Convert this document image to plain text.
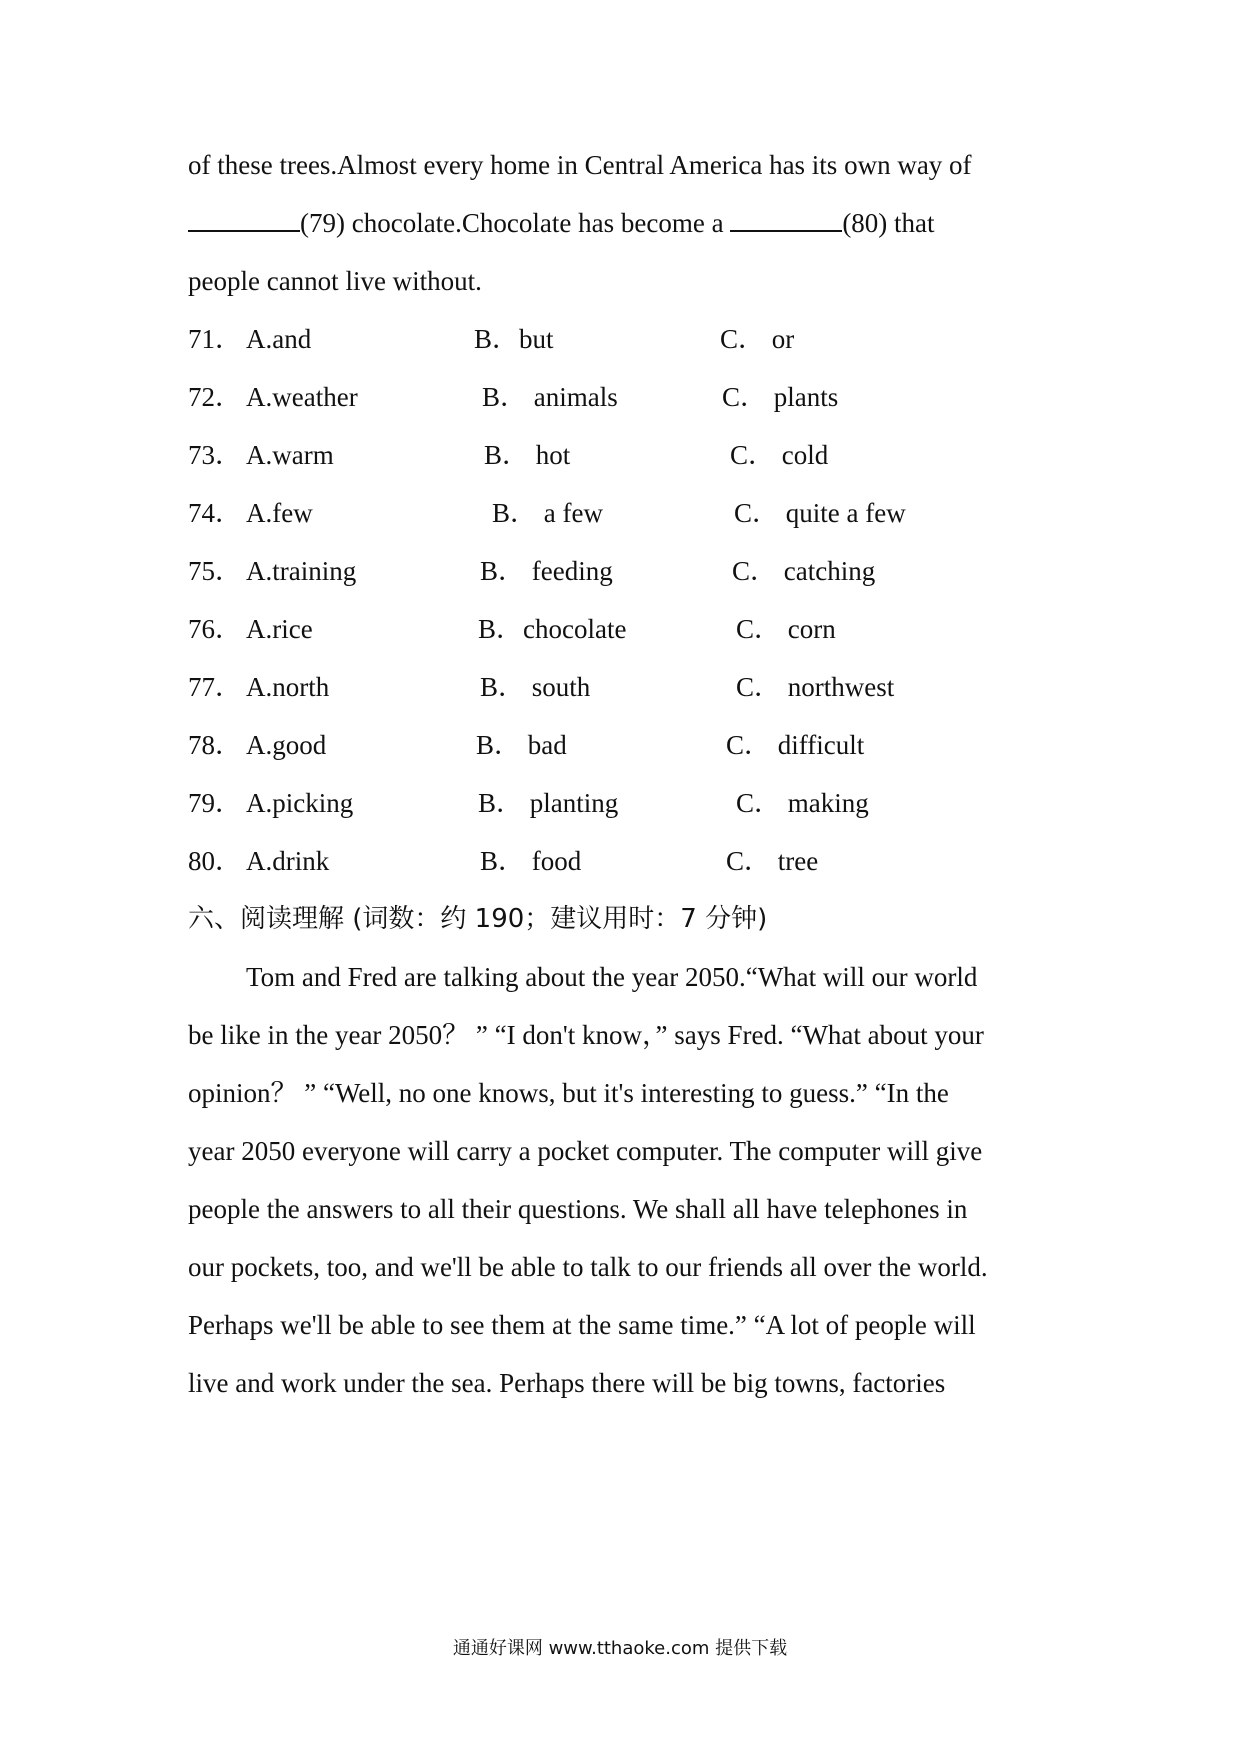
of these trees.Almost every home in Central America has its own way of
(79) chocolate.Chocolate has become a	(80) that
people cannot live without.
71． A.and	B．but	C． or
72． A.weather	B． animals	C． plants
73． A.warm	B． hot	C． cold
74． A.few	B． a few	C． quite a few
75． A.training	B． feeding	C． catching
76． A.rice	B．chocolate	C． corn
77． A.north	B． south	C． northwest
78． A.good	B． bad	C． difficult
79． A.picking	B． planting	C． making
80． A.drink	B． food	C． tree
六、阅读理解 (词数：约 190；建议用时：7 分钟)
Tom and Fred are talking about the year 2050.“What will our world
be like in the year 2050？ ” “I don't know，” says Fred. “What about your
opinion？ ” “Well, no one knows, but it's interesting to guess.” “In the
year 2050 everyone will carry a pocket computer. The computer will give
people the answers to all their questions. We shall all have telephones in
our pockets, too, and we'll be able to talk to our friends all over the world.
Perhaps we'll be able to see them at the same time.” “A lot of people will
live and work under the sea. Perhaps there will be big towns, factories
通通好课网 www.tthaoke.com 提供下载
